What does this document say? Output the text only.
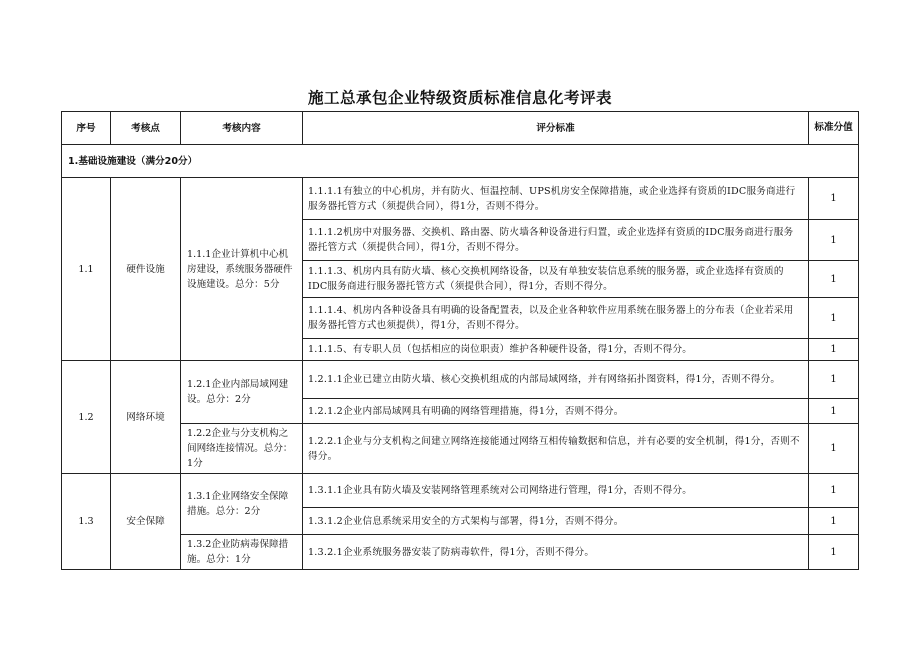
施工总承包企业特级资质标准信息化考评表
序号	考核点	考核内容	评分标准	标准分值
1.基础设施建设（满分20分）				
1.1	硬件设施	1.1.1企业计算机中心机房建设，系统服务器硬件设施建设。总分：5分	1.1.1.1有独立的中心机房，并有防火、恒温控制、UPS机房安全保障措施，或企业选择有资质的IDC服务商进行服务器托管方式（须提供合同），得1分，否则不得分。	1
			1.1.1.2机房中对服务器、交换机、路由器、防火墙各种设备进行归置，或企业选择有资质的IDC服务商进行服务器托管方式（须提供合同），得1分，否则不得分。	1
			1.1.1.3、机房内具有防火墙、核心交换机网络设备，以及有单独安装信息系统的服务器，或企业选择有资质的IDC服务商进行服务器托管方式（须提供合同），得1分，否则不得分。	1
			1.1.1.4、机房内各种设备具有明确的设备配置表，以及企业各种软件应用系统在服务器上的分布表（企业若采用服务器托管方式也须提供），得1分，否则不得分。	1
			1.1.1.5、有专职人员（包括相应的岗位职责）维护各种硬件设备，得1分，否则不得分。	1
1.2	网络环境	1.2.1企业内部局域网建设。总分：2分	1.2.1.1企业已建立由防火墙、核心交换机组成的内部局域网络，并有网络拓扑图资料，得1分，否则不得分。	1
			1.2.1.2企业内部局域网具有明确的网络管理措施，得1分，否则不得分。	1
		1.2.2企业与分支机构之间网络连接情况。总分：1分	1.2.2.1企业与分支机构之间建立网络连接能通过网络互相传输数据和信息，并有必要的安全机制，得1分，否则不得分。	1
1.3	安全保障	1.3.1企业网络安全保障措施。总分：2分	1.3.1.1企业具有防火墙及安装网络管理系统对公司网络进行管理，得1分，否则不得分。	1
			1.3.1.2企业信息系统采用安全的方式架构与部署，得1分，否则不得分。	1
		1.3.2企业防病毒保障措施。总分：1分	1.3.2.1企业系统服务器安装了防病毒软件，得1分，否则不得分。	1
